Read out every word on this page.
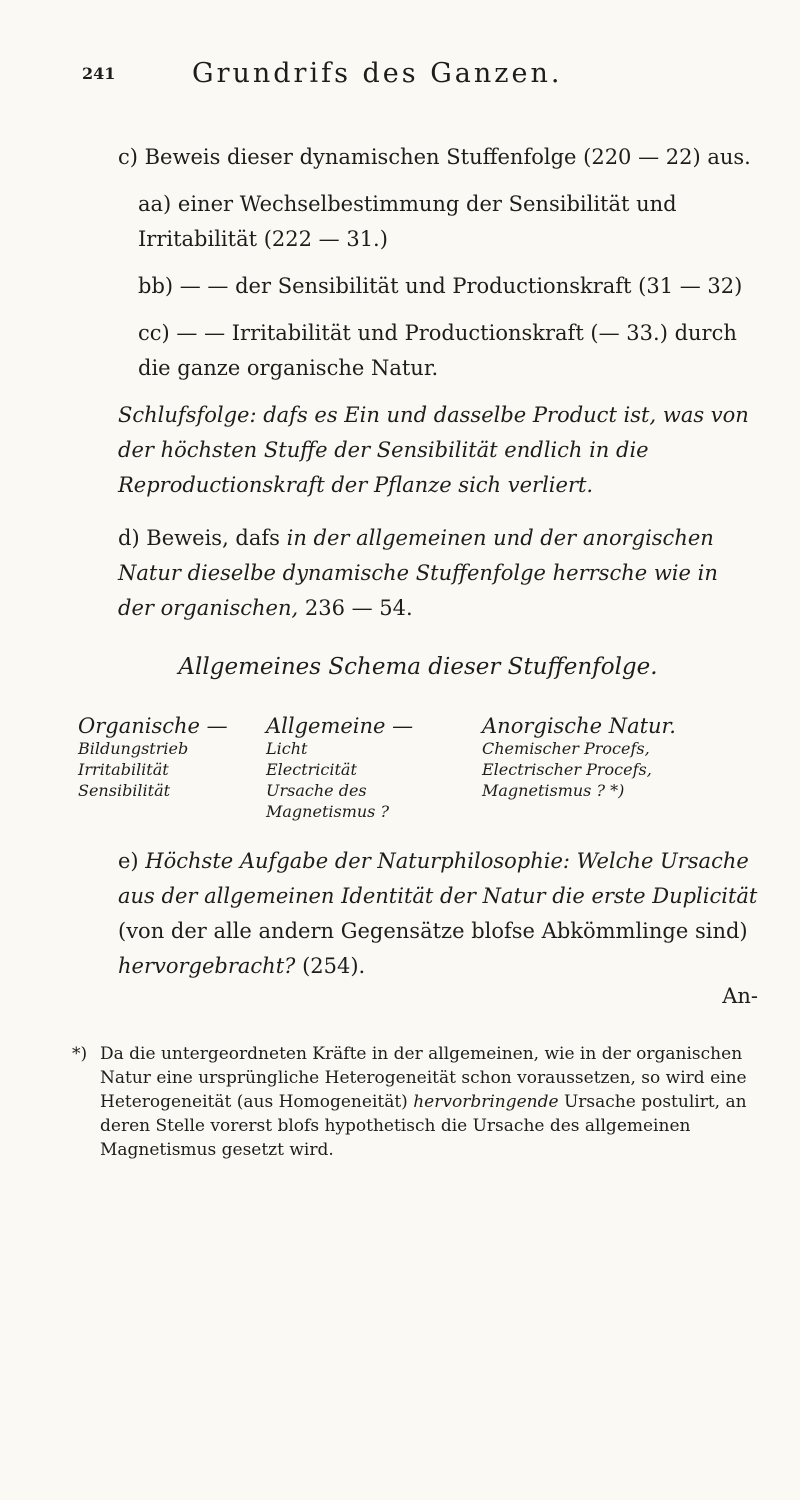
241	Grundrifs des Ganzen.

c) Beweis dieser dynamischen Stuffenfolge (220 — 22) aus.

aa) einer Wechselbestimmung der Sensibilität und Irritabilität (222 — 31.)

bb) — — der Sensibilität und Productionskraft (31 — 32)

cc) — — Irritabilität und Productionskraft (— 33.) durch die ganze organische Natur.

Schlufsfolge: dafs es Ein und dasselbe Product ist, was von der höchsten Stuffe der Sensibilität endlich in die Reproductionskraft der Pflanze sich verliert.

d) Beweis, dafs in der allgemeinen und der anorgischen Natur dieselbe dynamische Stuffenfolge herrsche wie in der organischen, 236 — 54.

Allgemeines Schema dieser Stuffenfolge.
Organische —
Bildungstrieb
Irritabilität
Sensibilität
Allgemeine —
Licht
Electricität
Ursache des
Magnetismus ?
Anorgische Natur.
Chemischer Procefs,
Electrischer Procefs,
Magnetismus ? *)

e) Höchste Aufgabe der Naturphilosophie: Welche Ursache aus der allgemeinen Identität der Natur die erste Duplicität (von der alle andern Gegensätze blofse Abkömmlinge sind) hervorgebracht? (254).

An-
*) Da die untergeordneten Kräfte in der allgemeinen, wie in der organischen Natur eine ursprüngliche Heterogeneität schon voraussetzen, so wird eine Heterogeneität (aus Homogeneität) hervorbringende Ursache postulirt, an deren Stelle vorerst blofs hypothetisch die Ursache des allgemeinen Magnetismus gesetzt wird.
